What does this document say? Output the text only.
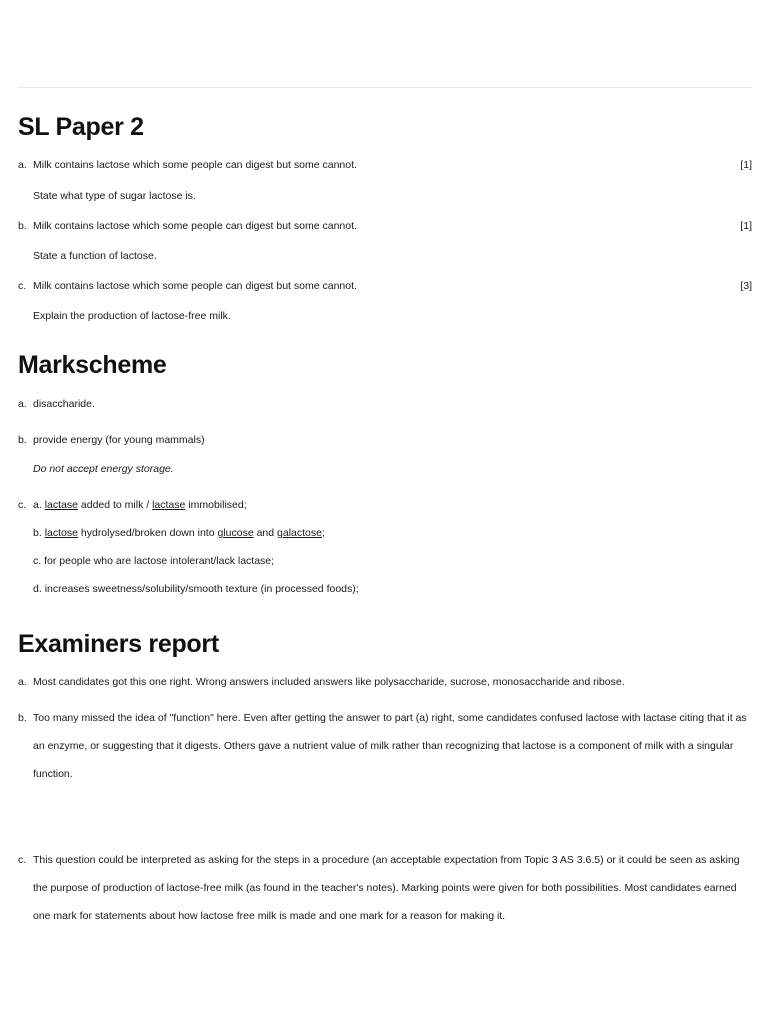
SL Paper 2
a. Milk contains lactose which some people can digest but some cannot.	[1]
State what type of sugar lactose is.
b. Milk contains lactose which some people can digest but some cannot.	[1]
State a function of lactose.
c. Milk contains lactose which some people can digest but some cannot.	[3]
Explain the production of lactose-free milk.
Markscheme
a. disaccharide.
b. provide energy (for young mammals)
Do not accept energy storage.
c. a. lactase added to milk / lactase immobilised;
b. lactose hydrolysed/broken down into glucose and galactose;
c. for people who are lactose intolerant/lack lactase;
d. increases sweetness/solubility/smooth texture (in processed foods);
Examiners report
a. Most candidates got this one right. Wrong answers included answers like polysaccharide, sucrose, monosaccharide and ribose.
b. Too many missed the idea of "function" here. Even after getting the answer to part (a) right, some candidates confused lactose with lactase citing that it as an enzyme, or suggesting that it digests. Others gave a nutrient value of milk rather than recognizing that lactose is a component of milk with a singular function.
c. This question could be interpreted as asking for the steps in a procedure (an acceptable expectation from Topic 3 AS 3.6.5) or it could be seen as asking the purpose of production of lactose-free milk (as found in the teacher's notes). Marking points were given for both possibilities. Most candidates earned one mark for statements about how lactose free milk is made and one mark for a reason for making it.
